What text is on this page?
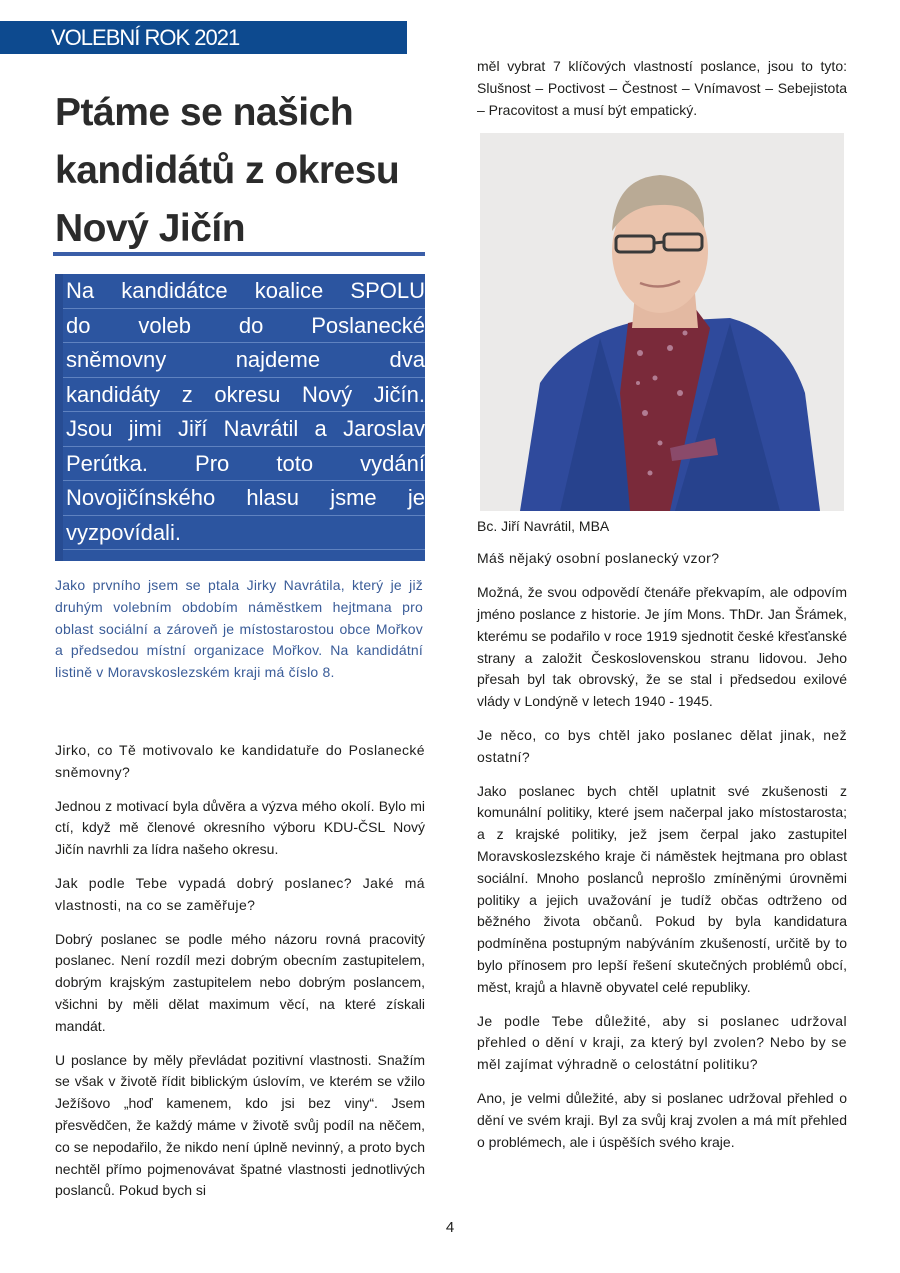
VOLEBNÍ ROK 2021
Ptáme se našich
kandidátů z okresu
Nový Jičín
Na kandidátce koalice SPOLU
do voleb do Poslanecké
sněmovny najdeme dva
kandidáty z okresu Nový Jičín.
Jsou jimi Jiří Navrátil a Jaroslav
Perútka. Pro toto vydání
Novojičínského hlasu jsme je
vyzpovídali.

Jako prvního jsem se ptala Jirky Navrátila, který je již druhým volebním obdobím náměstkem hejtmana pro oblast sociální a zároveň je místostarostou obce Mořkov a předsedou místní organizace Mořkov. Na kandidátní listině v Moravskoslezském kraji má číslo 8.

Jirko, co Tě motivovalo ke kandidatuře do Poslanecké sněmovny?

Jednou z motivací byla důvěra a výzva mého okolí. Bylo mi ctí, když mě členové okresního výboru KDU-ČSL Nový Jičín navrhli za lídra našeho okresu.

Jak podle Tebe vypadá dobrý poslanec? Jaké má vlastnosti, na co se zaměřuje?

Dobrý poslanec se podle mého názoru rovná pracovitý poslanec. Není rozdíl mezi dobrým obecním zastupitelem, dobrým krajským zastupitelem nebo dobrým poslancem, všichni by měli dělat maximum věcí, na které získali mandát.

U poslance by měly převládat pozitivní vlastnosti. Snažím se však v životě řídit biblickým úslovím, ve kterém se vžilo Ježíšovo „hoď kamenem, kdo jsi bez viny“. Jsem přesvědčen, že každý máme v životě svůj podíl na něčem, co se nepodařilo, že nikdo není úplně nevinný, a proto bych nechtěl přímo pojmenovávat špatné vlastnosti jednotlivých poslanců. Pokud bych si

měl vybrat 7 klíčových vlastností poslance, jsou to tyto: Slušnost – Poctivost – Čestnost – Vnímavost – Sebejistota – Pracovitost a musí být empatický.

Bc. Jiří Navrátil, MBA

Máš nějaký osobní poslanecký vzor?

Možná, že svou odpovědí čtenáře překvapím, ale odpovím jméno poslance z historie. Je jím Mons. ThDr. Jan Šrámek, kterému se podařilo v roce 1919 sjednotit české křesťanské strany a založit Československou stranu lidovou. Jeho přesah byl tak obrovský, že se stal i předsedou exilové vlády v Londýně v letech 1940 - 1945.

Je něco, co bys chtěl jako poslanec dělat jinak, než ostatní?

Jako poslanec bych chtěl uplatnit své zkušenosti z komunální politiky, které jsem načerpal jako místostarosta; a z krajské politiky, jež jsem čerpal jako zastupitel Moravskoslezského kraje či náměstek hejtmana pro oblast sociální. Mnoho poslanců neprošlo zmíněnými úrovněmi politiky a jejich uvažování je tudíž občas odtrženo od běžného života občanů. Pokud by byla kandidatura podmíněna postupným nabýváním zkušeností, určitě by to bylo přínosem pro lepší řešení skutečných problémů obcí, měst, krajů a hlavně obyvatel celé republiky.

Je podle Tebe důležité, aby si poslanec udržoval přehled o dění v kraji, za který byl zvolen? Nebo by se měl zajímat výhradně o celostátní politiku?

Ano, je velmi důležité, aby si poslanec udržoval přehled o dění ve svém kraji. Byl za svůj kraj zvolen a má mít přehled o problémech, ale i úspěších svého kraje.

4
